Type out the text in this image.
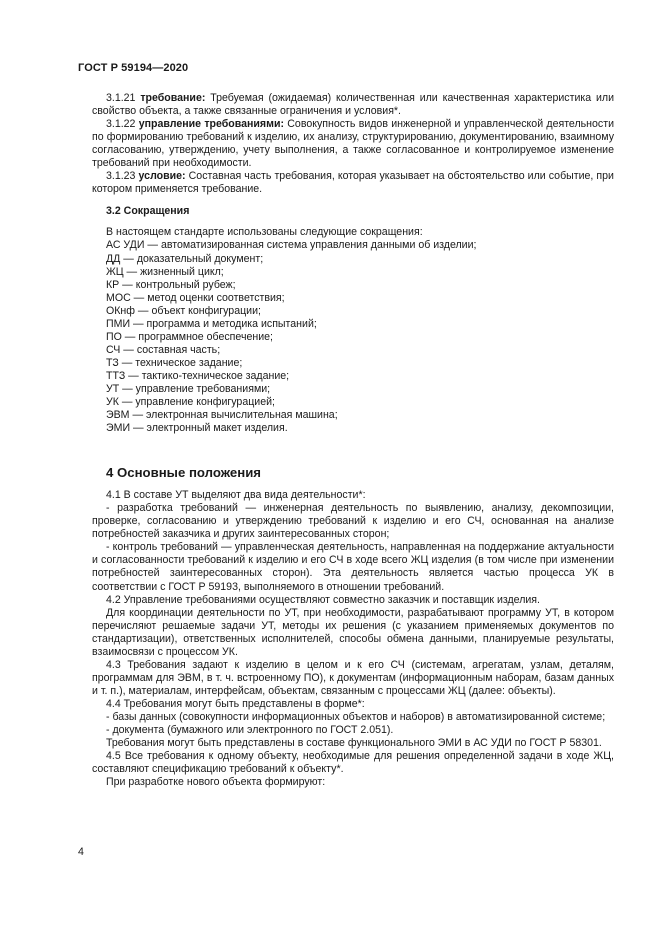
ГОСТ Р 59194—2020

3.1.21 требование: Требуемая (ожидаемая) количественная или качественная характеристика или свойство объекта, а также связанные ограничения и условия*.

3.1.22 управление требованиями: Совокупность видов инженерной и управленческой деятельности по формированию требований к изделию, их анализу, структурированию, документированию, взаимному согласованию, утверждению, учету выполнения, а также согласованное и контролируемое изменение требований при необходимости.

3.1.23 условие: Составная часть требования, которая указывает на обстоятельство или событие, при котором применяется требование.

3.2 Сокращения

В настоящем стандарте использованы следующие сокращения:

АС УДИ — автоматизированная система управления данными об изделии;
ДД — доказательный документ;
ЖЦ — жизненный цикл;
КР — контрольный рубеж;
МОС — метод оценки соответствия;
ОКнф — объект конфигурации;
ПМИ — программа и методика испытаний;
ПО — программное обеспечение;
СЧ — составная часть;
ТЗ — техническое задание;
ТТЗ — тактико-техническое задание;
УТ — управление требованиями;
УК — управление конфигурацией;
ЭВМ — электронная вычислительная машина;
ЭМИ — электронный макет изделия.

4 Основные положения

4.1 В составе УТ выделяют два вида деятельности*:

- разработка требований — инженерная деятельность по выявлению, анализу, декомпозиции, проверке, согласованию и утверждению требований к изделию и его СЧ, основанная на анализе потребностей заказчика и других заинтересованных сторон;

- контроль требований — управленческая деятельность, направленная на поддержание актуальности и согласованности требований к изделию и его СЧ в ходе всего ЖЦ изделия (в том числе при изменении потребностей заинтересованных сторон). Эта деятельность является частью процесса УК в соответствии с ГОСТ Р 59193, выполняемого в отношении требований.

4.2 Управление требованиями осуществляют совместно заказчик и поставщик изделия.

Для координации деятельности по УТ, при необходимости, разрабатывают программу УТ, в котором перечисляют решаемые задачи УТ, методы их решения (с указанием применяемых документов по стандартизации), ответственных исполнителей, способы обмена данными, планируемые результаты, взаимосвязи с процессом УК.

4.3 Требования задают к изделию в целом и к его СЧ (системам, агрегатам, узлам, деталям, программам для ЭВМ, в т. ч. встроенному ПО), к документам (информационным наборам, базам данных и т. п.), материалам, интерфейсам, объектам, связанным с процессами ЖЦ (далее: объекты).

4.4 Требования могут быть представлены в форме*:

- базы данных (совокупности информационных объектов и наборов) в автоматизированной системе;

- документа (бумажного или электронного по ГОСТ 2.051).

Требования могут быть представлены в составе функционального ЭМИ в АС УДИ по ГОСТ Р 58301.

4.5 Все требования к одному объекту, необходимые для решения определенной задачи в ходе ЖЦ, составляют спецификацию требований к объекту*.

При разработке нового объекта формируют:

4
